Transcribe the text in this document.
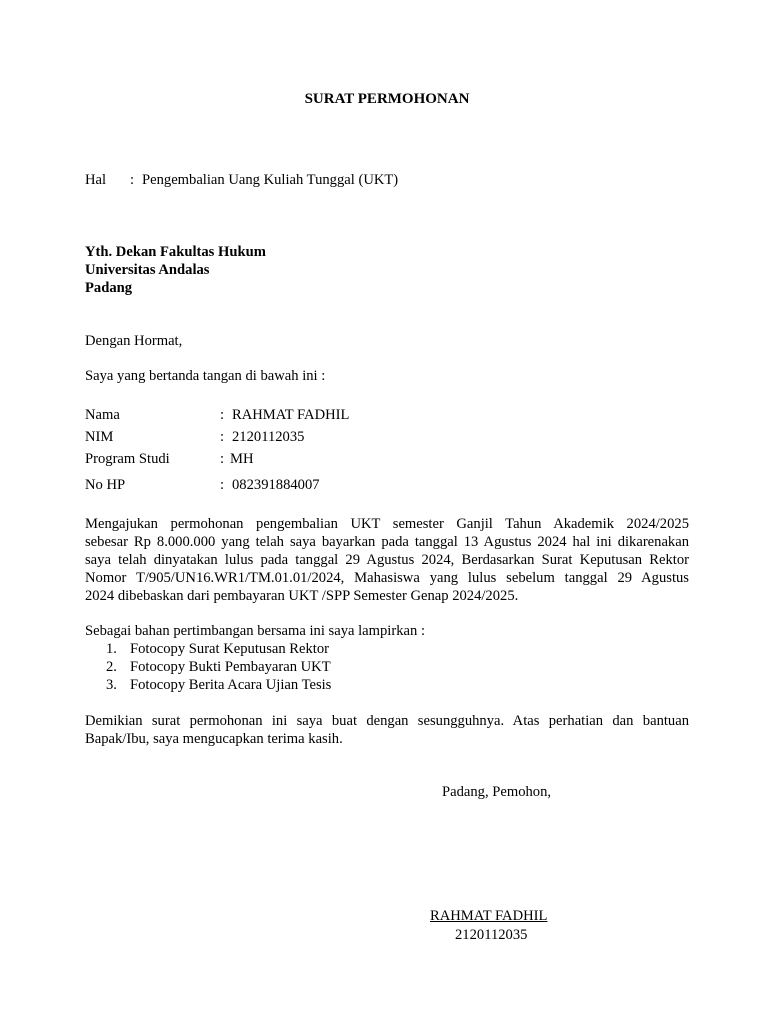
SURAT PERMOHONAN
Hal : Pengembalian Uang Kuliah Tunggal (UKT)
Yth. Dekan Fakultas Hukum
Universitas Andalas
Padang
Dengan Hormat,
Saya yang bertanda tangan di bawah ini :
Nama	: RAHMAT FADHIL
NIM	: 2120112035
Program Studi	: MH
No HP	: 082391884007
Mengajukan permohonan pengembalian UKT semester Ganjil Tahun Akademik 2024/2025
sebesar Rp 8.000.000 yang telah saya bayarkan pada tanggal 13 Agustus 2024 hal ini dikarenakan
saya telah dinyatakan lulus pada tanggal 29 Agustus 2024, Berdasarkan Surat Keputusan Rektor
Nomor T/905/UN16.WR1/TM.01.01/2024, Mahasiswa yang lulus sebelum tanggal 29 Agustus
2024 dibebaskan dari pembayaran UKT /SPP Semester Genap 2024/2025.
Sebagai bahan pertimbangan bersama ini saya lampirkan :
1. Fotocopy Surat Keputusan Rektor
2. Fotocopy Bukti Pembayaran UKT
3. Fotocopy Berita Acara Ujian Tesis
Demikian surat permohonan ini saya buat dengan sesungguhnya. Atas perhatian dan bantuan
Bapak/Ibu, saya mengucapkan terima kasih.
Padang, Pemohon,
RAHMAT FADHIL
2120112035
